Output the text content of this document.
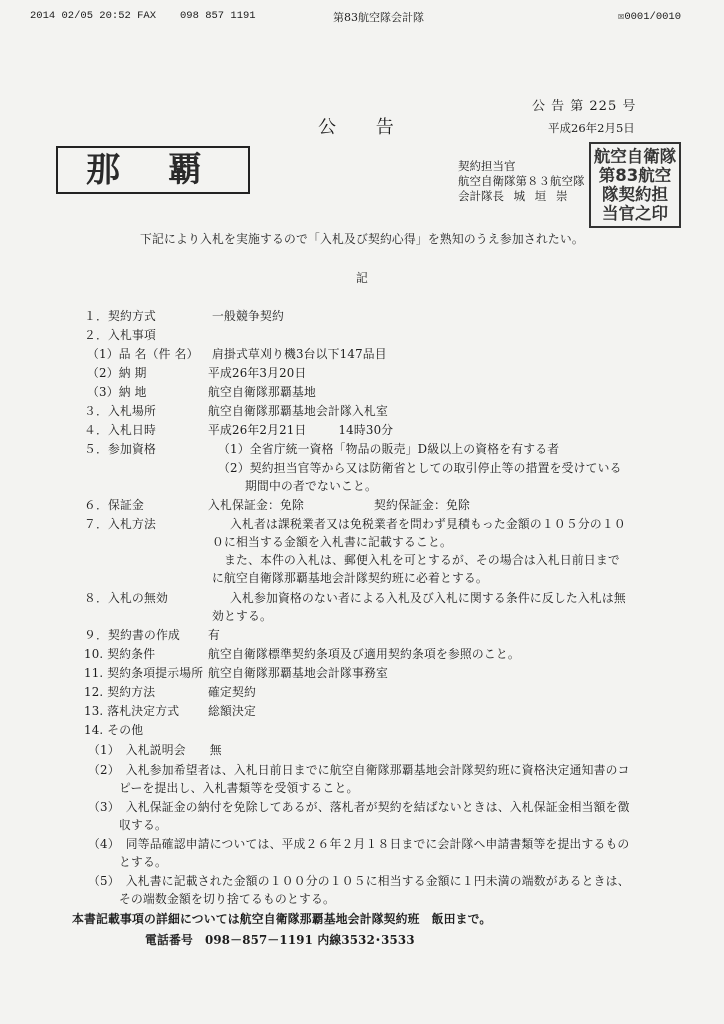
2014 02/05 20:52 FAX 098 857 1191	第83航空隊会計隊	☒0001/0010
公 告 第 225 号
公 告	平成26年2月5日
那 覇	契約担当官
航空自衛隊第８３航空隊
会計隊長 城 垣 崇
航空自衛隊
第83航空
隊契約担
当官之印
下記により入札を実施するので「入札及び契約心得」を熟知のうえ参加されたい。
記
１．契約方式	一般競争契約
２．入札事項
（1）品 名（件 名） 肩掛式草刈り機3台以下147品目
（2）納 期	平成26年3月20日
（3）納 地	航空自衛隊那覇基地
３．入札場所	航空自衛隊那覇基地会計隊入札室
４．入札日時	平成26年2月21日 14時30分
５．参加資格	（1）全省庁統一資格「物品の販売」D級以上の資格を有する者
（2）契約担当官等から又は防衛省としての取引停止等の措置を受けている
期間中の者でないこと。
６．保証金	入札保証金：免除	契約保証金：免除
７．入札方法	入札者は課税業者又は免税業者を問わず見積もった金額の１０５分の１０
０に相当する金額を入札書に記載すること。
また、本件の入札は、郵便入札を可とするが、その場合は入札日前日まで
に航空自衛隊那覇基地会計隊契約班に必着とする。
８．入札の無効	入札参加資格のない者による入札及び入札に関する条件に反した入札は無
効とする。
９．契約書の作成 有
10. 契約条件	航空自衛隊標準契約条項及び適用契約条項を参照のこと。
11. 契約条項提示場所 航空自衛隊那覇基地会計隊事務室
12. 契約方法	確定契約
13. 落札決定方式 総額決定
14. その他
（1）　入札説明会　　無
（2）　入札参加希望者は、入札日前日までに航空自衛隊那覇基地会計隊契約班に資格決定通知書のコ
ピーを提出し、入札書類等を受領すること。
（3）　入札保証金の納付を免除してあるが、落札者が契約を結ばないときは、入札保証金相当額を徴
収する。
（4）　同等品確認申請については、平成２６年２月１８日までに会計隊へ申請書類等を提出するもの
とする。
（5）　入札書に記載された金額の１００分の１０５に相当する金額に１円未満の端数があるときは、
その端数金額を切り捨てるものとする。
本書記載事項の詳細については航空自衛隊那覇基地会計隊契約班　飯田まで。
電話番号　098－857－1191 内線3532･3533
